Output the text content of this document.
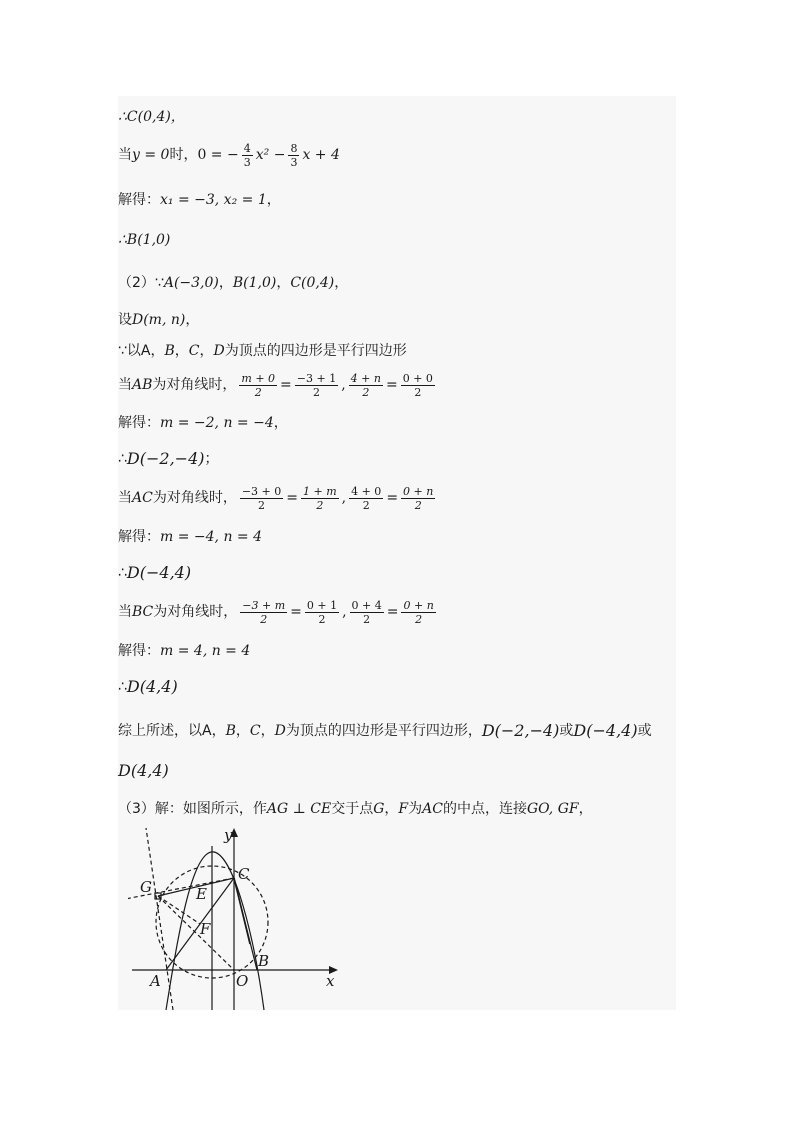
∴C(0,4)，
当 y = 0 时， 0 = − $\frac{4}{3} x^2 - \frac{8}{3}$ x + 4
解得： x₁ = −3, x₂ = 1 ，
∴B(1,0)
（2）∵ A(−3,0) ， B(1,0) ， C(0,4) ，
设 D(m, n) ，
∵以A， B ， C ， D 为顶点的四边形是平行四边形
当 AB 为对角线时， $\frac{m + 0}{2} = \frac{-3 + 1}{2}$ , $\frac{4 + n}{2} = \frac{0 + 0}{2}$
解得： m = −2, n = −4 ，
∴ D(−2,−4) ；
当 AC 为对角线时， $\frac{-3 + 0}{2} = \frac{1 + m}{2}$ , $\frac{4 + 0}{2} = \frac{0 + n}{2}$
解得： m = −4, n = 4
∴ D(−4,4)
当 BC 为对角线时， $\frac{-3 + m}{2} = \frac{0 + 1}{2}$ , $\frac{0 + 4}{2} = \frac{0 + n}{2}$
解得： m = 4, n = 4
∴ D(4,4)
综上所述，以A， B ， C ， D 为顶点的四边形是平行四边形， D(−2,−4) 或 D(−4,4) 或
D(4,4)
（3）解：如图所示，作 AG ⊥ CE 交于点 G ， F 为 AC 的中点，连接 GO, GF ，
y
x
C
G	E
F
A	O
B
